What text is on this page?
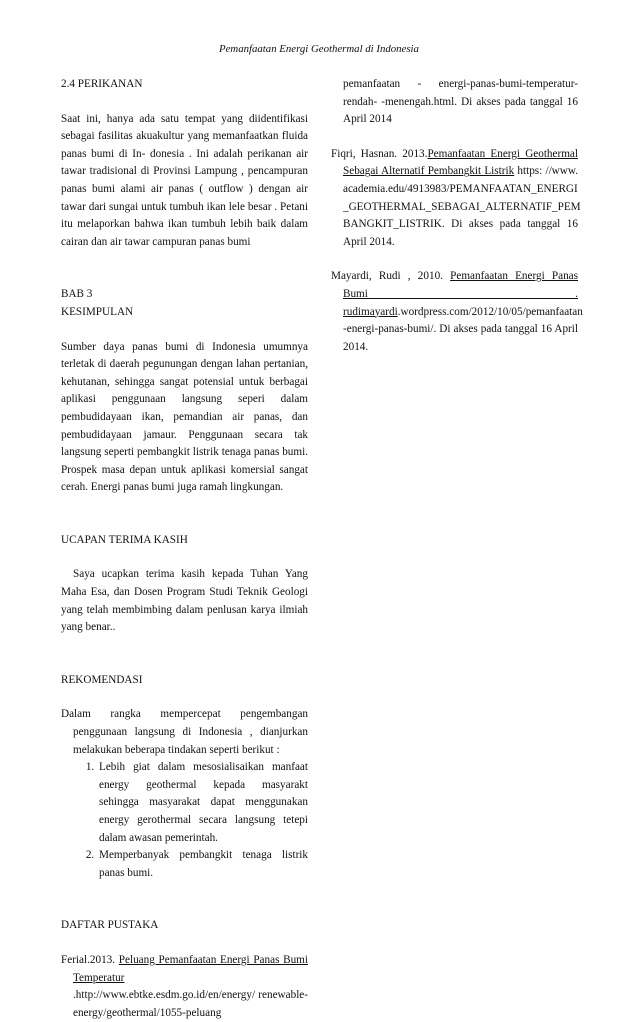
Pemanfaatan Energi Geothermal di Indonesia

2.4 PERIKANAN

Saat ini, hanya ada satu tempat yang diidentifikasi sebagai fasilitas akuakultur yang memanfaatkan fluida panas bumi di In- donesia . Ini adalah perikanan air tawar tradisional di Provinsi Lampung , pencampuran panas bumi alami air panas ( outflow ) dengan air tawar dari sungai untuk tumbuh ikan lele besar . Petani itu melaporkan bahwa ikan tumbuh lebih baik dalam cairan dan air tawar campuran panas bumi

BAB 3

KESIMPULAN

Sumber daya panas bumi di Indonesia umumnya terletak di daerah pegunungan dengan lahan pertanian, kehutanan, sehingga sangat potensial untuk berbagai aplikasi penggunaan langsung seperi dalam pembudidayaan ikan, pemandian air panas, dan pembudidayaan jamaur. Penggunaan secara tak langsung seperti pembangkit listrik tenaga panas bumi. Prospek masa depan untuk aplikasi komersial sangat cerah. Energi panas bumi juga ramah lingkungan.

UCAPAN TERIMA KASIH

Saya ucapkan terima kasih kepada Tuhan Yang Maha Esa, dan Dosen Program Studi Teknik Geologi yang telah membimbing dalam penlusan karya ilmiah yang benar..

REKOMENDASI

Dalam rangka mempercepat pengembangan penggunaan langsung di Indonesia , dianjurkan melakukan beberapa tindakan seperti berikut :

1. Lebih giat dalam mesosialisaikan manfaat energy geothermal kepada masyarakt sehingga masyarakat dapat menggunakan energy gerothermal secara langsung tetepi dalam awasan pemerintah.
2. Memperbanyak pembangkit tenaga listrik panas bumi.

DAFTAR PUSTAKA

Ferial.2013. Peluang Pemanfaatan Energi Panas Bumi Temperatur .http://www.ebtke.esdm.go.id/en/energy/ renewable-energy/geothermal/1055-peluang

pemanfaatan - energi-panas-bumi-temperatur-rendah- -menengah.html. Di akses pada tanggal 16 April 2014

Fiqri, Hasnan. 2013.Pemanfaatan Energi Geothermal Sebagai Alternatif Pembangkit Listrik https: //www. academia.edu/4913983/PEMANFAATAN_ENERGI _GEOTHERMAL_SEBAGAI_ALTERNATIF_PEM BANGKIT_LISTRIK. Di akses pada tanggal 16 April 2014.

Mayardi, Rudi , 2010. Pemanfaatan Energi Panas Bumi . rudimayardi.wordpress.com/2012/10/05/pemanfaatan -energi-panas-bumi/. Di akses pada tanggal 16 April 2014.
